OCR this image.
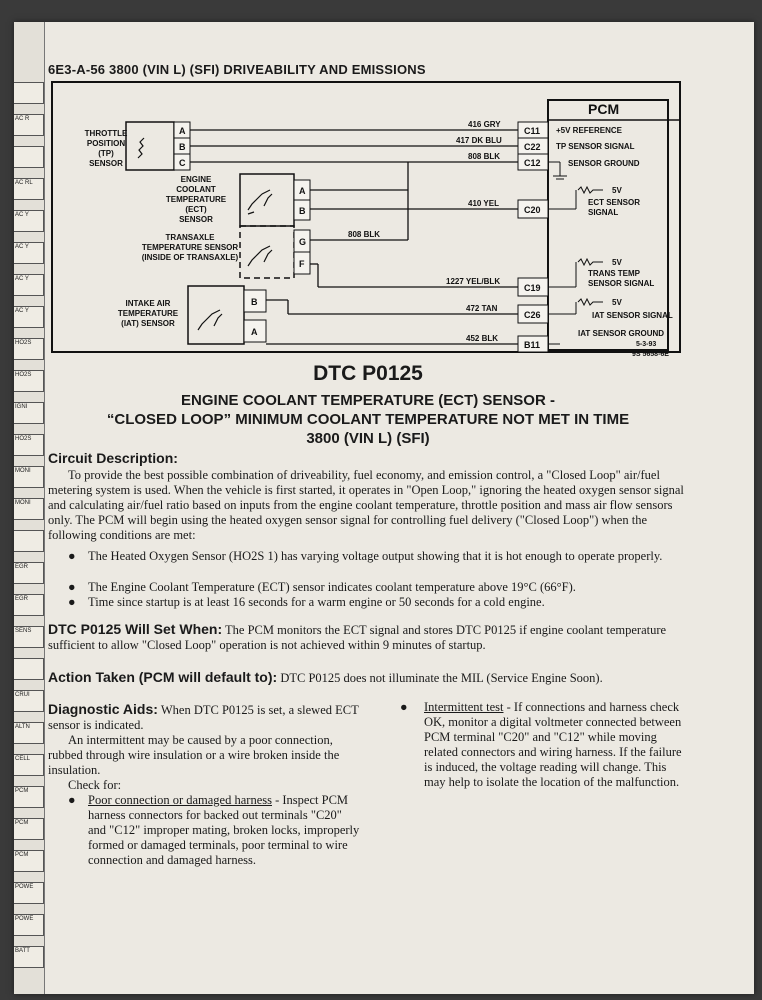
AC R
AC RL
AC Y
AC Y
AC Y
AC Y
HO2S
HO2S
IGNI
HO2S
MONI
MONI
EGR
EGR
SENS
CRUI
ALTN
CELL
PCM
PCM
PCM
POWE
POWE
BATT
6E3-A-56 3800 (VIN L) (SFI) DRIVEABILITY AND EMISSIONS
PCM
THROTTLE
POSITION
(TP)
SENSOR
A
B
C
416 GRY
417 DK BLU
808 BLK
C11
C22
C12
C20
C19
C26
B11
+5V REFERENCE
TP SENSOR SIGNAL
SENSOR GROUND
5V
ECT SENSOR
SIGNAL
5V
TRANS TEMP
SENSOR SIGNAL
5V
IAT SENSOR SIGNAL
IAT SENSOR GROUND
5-3-93
9S 5658-6E
ENGINE
COOLANT
TEMPERATURE
(ECT)
SENSOR
A
B
410 YEL
TRANSAXLE
TEMPERATURE SENSOR
(INSIDE OF TRANSAXLE)
G
F
808 BLK
1227 YEL/BLK
INTAKE AIR
TEMPERATURE
(IAT) SENSOR
B
A
472 TAN
452 BLK
DTC P0125
ENGINE COOLANT TEMPERATURE (ECT) SENSOR -
“CLOSED LOOP” MINIMUM COOLANT TEMPERATURE NOT MET IN TIME
3800 (VIN L) (SFI)
Circuit Description:
To provide the best possible combination of driveability, fuel economy, and emission control, a "Closed Loop" air/fuel metering system is used. When the vehicle is first started, it operates in "Open Loop," ignoring the heated oxygen sensor signal and calculating air/fuel ratio based on inputs from the engine coolant temperature, throttle position and mass air flow sensors only. The PCM will begin using the heated oxygen sensor signal for controlling fuel delivery ("Closed Loop") when the following conditions are met:
● The Heated Oxygen Sensor (HO2S 1) has varying voltage output showing that it is hot enough to operate properly.
● The Engine Coolant Temperature (ECT) sensor indicates coolant temperature above 19°C (66°F).
● Time since startup is at least 16 seconds for a warm engine or 50 seconds for a cold engine.
DTC P0125 Will Set When: The PCM monitors the ECT signal and stores DTC P0125 if engine coolant temperature sufficient to allow "Closed Loop" operation is not achieved within 9 minutes of startup.
Action Taken (PCM will default to): DTC P0125 does not illuminate the MIL (Service Engine Soon).
Diagnostic Aids: When DTC P0125 is set, a slewed ECT sensor is indicated.
An intermittent may be caused by a poor connection, rubbed through wire insulation or a wire broken inside the insulation.
Check for:
● Poor connection or damaged harness - Inspect PCM harness connectors for backed out terminals "C20" and "C12" improper mating, broken locks, improperly formed or damaged terminals, poor terminal to wire connection and damaged harness.
● Intermittent test - If connections and harness check OK, monitor a digital voltmeter connected between PCM terminal "C20" and "C12" while moving related connectors and wiring harness. If the failure is induced, the voltage reading will change. This may help to isolate the location of the malfunction.
